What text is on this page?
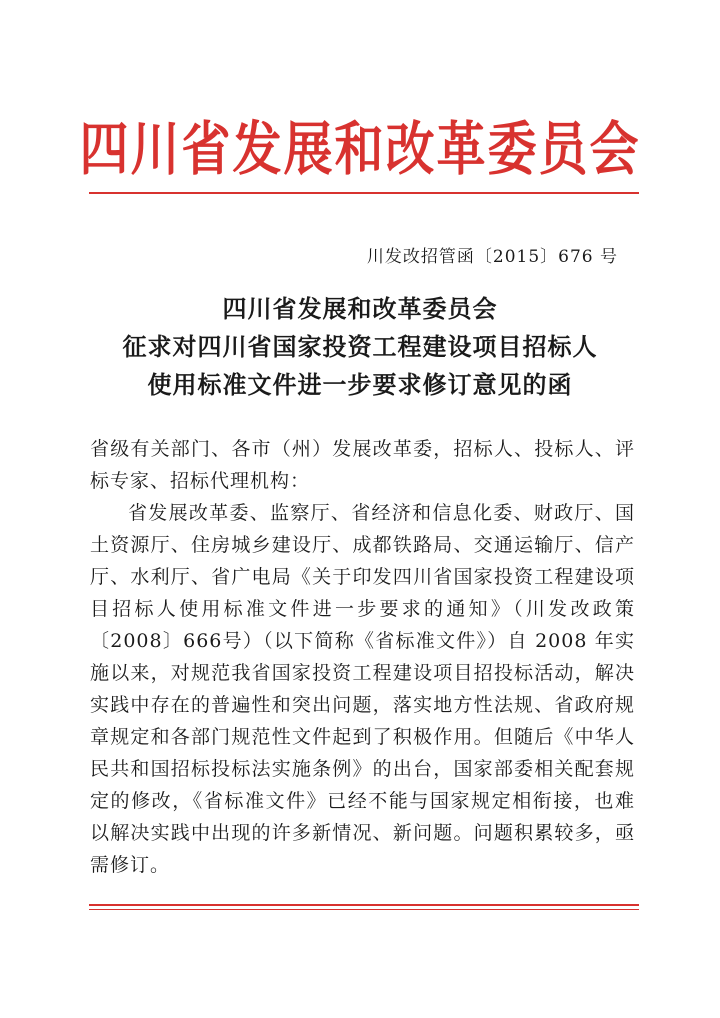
四川省发展和改革委员会
川发改招管函〔2015〕676 号
四川省发展和改革委员会
征求对四川省国家投资工程建设项目招标人
使用标准文件进一步要求修订意见的函

省级有关部门、各市（州）发展改革委，招标人、投标人、评标专家、招标代理机构：

省发展改革委、监察厅、省经济和信息化委、财政厅、国土资源厅、住房城乡建设厅、成都铁路局、交通运输厅、信产厅、水利厅、省广电局《关于印发四川省国家投资工程建设项目招标人使用标准文件进一步要求的通知》（川发改政策〔2008〕666号）（以下简称《省标准文件》）自 2008 年实施以来，对规范我省国家投资工程建设项目招投标活动，解决实践中存在的普遍性和突出问题，落实地方性法规、省政府规章规定和各部门规范性文件起到了积极作用。但随后《中华人民共和国招标投标法实施条例》的出台，国家部委相关配套规定的修改，《省标准文件》已经不能与国家规定相衔接，也难以解决实践中出现的许多新情况、新问题。问题积累较多，亟需修订。
